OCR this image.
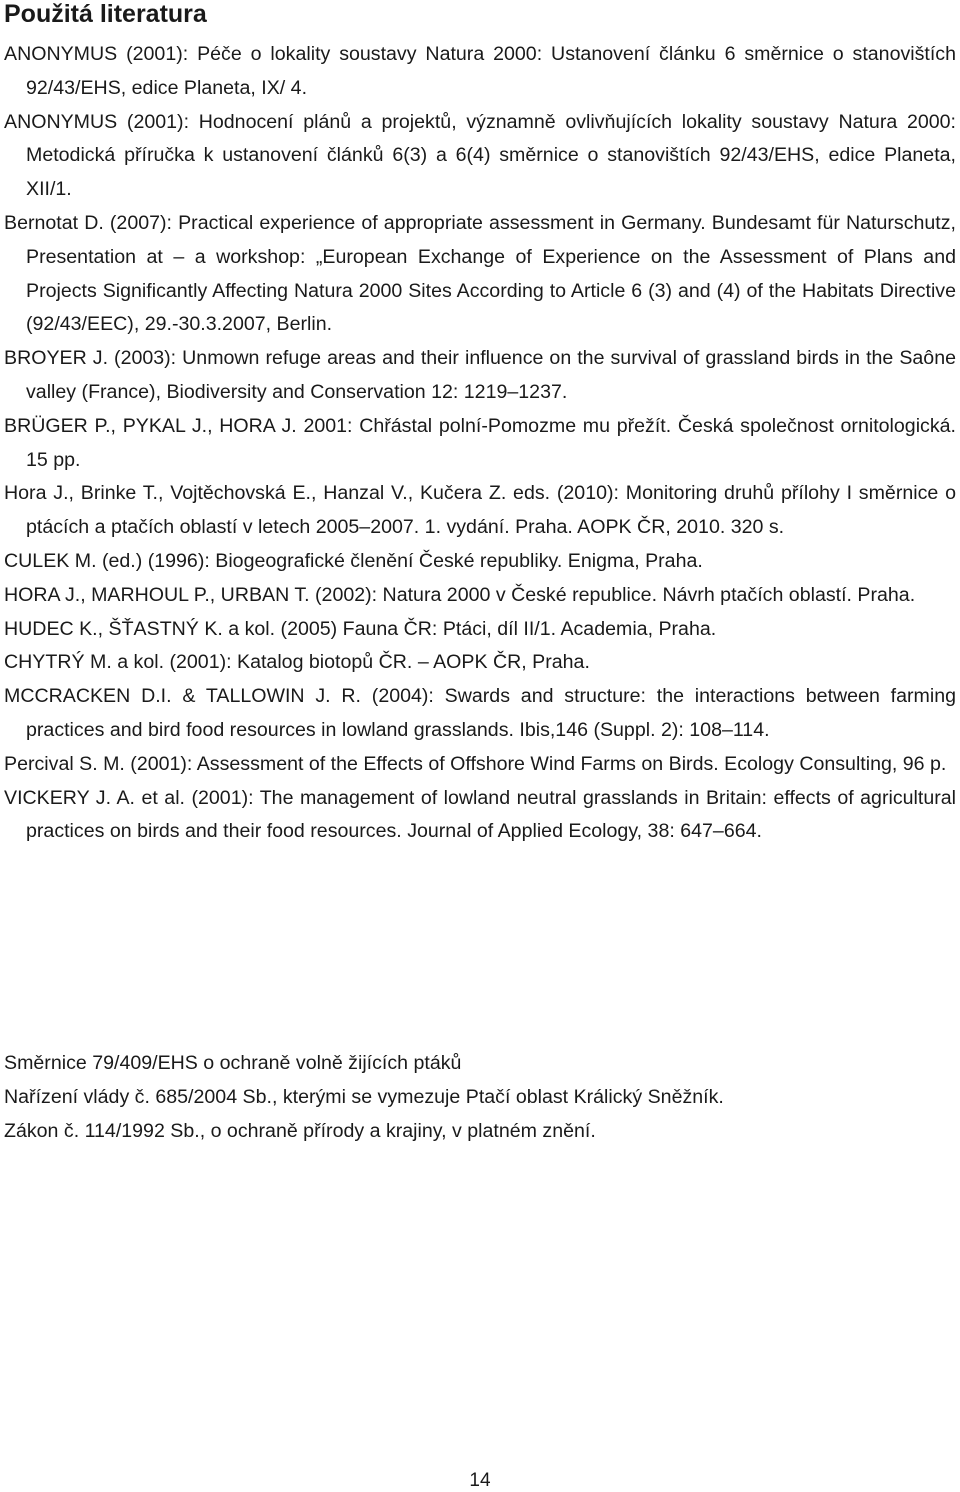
Použitá literatura
ANONYMUS (2001): Péče o lokality soustavy Natura 2000: Ustanovení článku 6 směrnice o stanovištích 92/43/EHS, edice Planeta, IX/ 4.
ANONYMUS (2001): Hodnocení plánů a projektů, významně ovlivňujících lokality soustavy Natura 2000: Metodická příručka k ustanovení článků 6(3) a 6(4) směrnice o stanovištích 92/43/EHS, edice Planeta, XII/1.
Bernotat D. (2007): Practical experience of appropriate assessment in Germany. Bundesamt für Naturschutz, Presentation at – a workshop: „European Exchange of Experience on the Assessment of Plans and Projects Significantly Affecting Natura 2000 Sites According to Article 6 (3) and (4) of the Habitats Directive (92/43/EEC), 29.-30.3.2007, Berlin.
BROYER J. (2003): Unmown refuge areas and their influence on the survival of grassland birds in the Saône valley (France), Biodiversity and Conservation 12: 1219–1237.
BRÜGER P., PYKAL J., HORA J. 2001: Chřástal polní-Pomozme mu přežít. Česká společnost ornitologická. 15 pp.
Hora J., Brinke T., Vojtěchovská E., Hanzal V., Kučera Z. eds. (2010): Monitoring druhů přílohy I směrnice o ptácích a ptačích oblastí v letech 2005–2007. 1. vydání. Praha. AOPK ČR, 2010. 320 s.
CULEK M. (ed.) (1996): Biogeografické členění České republiky. Enigma, Praha.
HORA J., MARHOUL P., URBAN T. (2002): Natura 2000 v České republice. Návrh ptačích oblastí. Praha.
HUDEC K., ŠŤASTNÝ K. a kol. (2005) Fauna ČR: Ptáci, díl II/1. Academia, Praha.
CHYTRÝ M. a kol. (2001): Katalog biotopů ČR. – AOPK ČR, Praha.
MCCRACKEN D.I. & TALLOWIN J. R. (2004): Swards and structure: the interactions between farming practices and bird food resources in lowland grasslands. Ibis,146 (Suppl. 2): 108–114.
Percival S. M. (2001): Assessment of the Effects of Offshore Wind Farms on Birds. Ecology Consulting, 96 p.
VICKERY J. A. et al. (2001): The management of lowland neutral grasslands in Britain: effects of agricultural practices on birds and their food resources. Journal of Applied Ecology, 38: 647–664.
Směrnice 79/409/EHS o ochraně volně žijících ptáků
Nařízení vlády č. 685/2004 Sb., kterými se vymezuje Ptačí oblast Králický Sněžník.
Zákon č. 114/1992 Sb., o ochraně přírody a krajiny, v platném znění.
14
